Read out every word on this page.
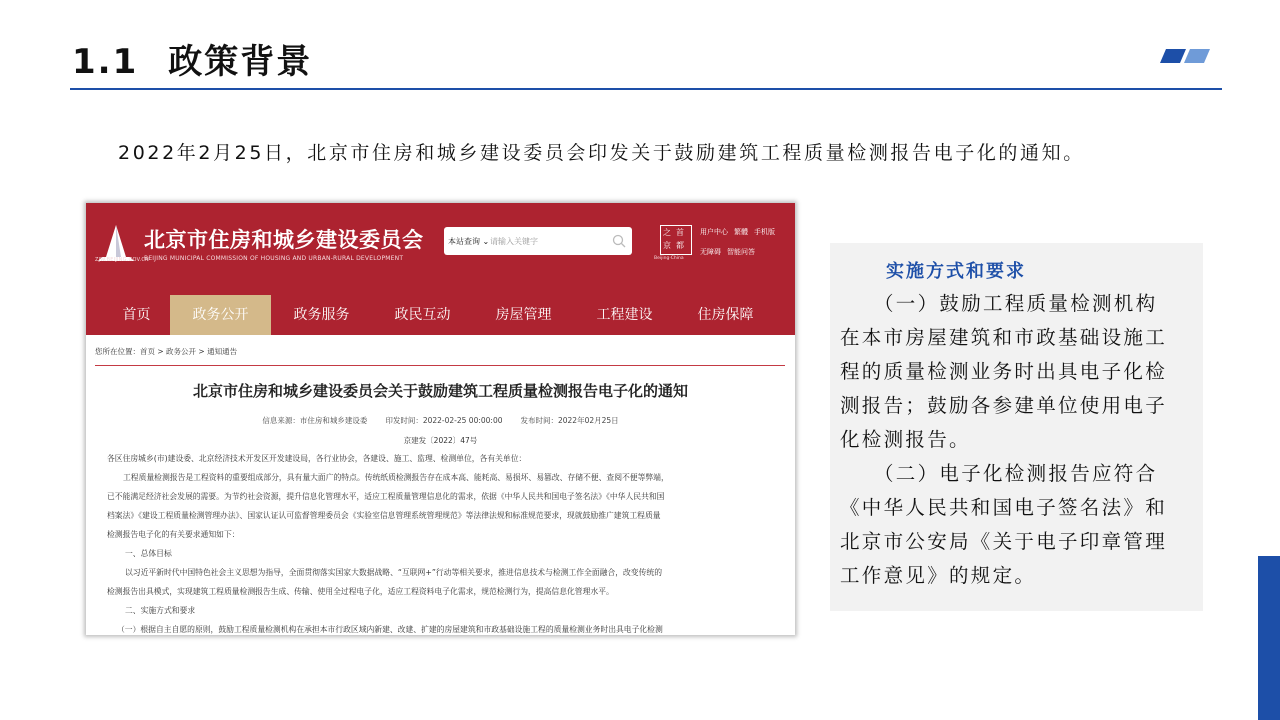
1.1 政策背景
2022年2月25日，北京市住房和城乡建设委员会印发关于鼓励建筑工程质量检测报告电子化的通知。
ZJW.BEIJING.GOV.CN
北京市住房和城乡建设委员会
BEIJING MUNICIPAL COMMISSION OF HOUSING AND URBAN-RURAL DEVELOPMENT
本站查询 ⌄ 请输入关键字
之 首
京 都
Beijing·China
用户中心 繁體 手机版
无障碍 智能问答
首页	政务公开	政务服务	政民互动	房屋管理	工程建设	住房保障
您所在位置：首页 > 政务公开 > 通知通告
北京市住房和城乡建设委员会关于鼓励建筑工程质量检测报告电子化的通知
信息来源：市住房和城乡建设委 印发时间：2022-02-25 00:00:00 发布时间：2022年02月25日
京建发〔2022〕47号
各区住房城乡(市)建设委、北京经济技术开发区开发建设局，各行业协会，各建设、施工、监理、检测单位，各有关单位：
工程质量检测报告是工程资料的重要组成部分，具有量大面广的特点。传统纸质检测报告存在成本高、能耗高、易损坏、易篡改、存储不便、查阅不便等弊端，
已不能满足经济社会发展的需要。为节约社会资源，提升信息化管理水平，适应工程质量管理信息化的需求，依据《中华人民共和国电子签名法》《中华人民共和国
档案法》《建设工程质量检测管理办法》、国家认证认可监督管理委员会《实验室信息管理系统管理规范》等法律法规和标准规范要求，现就鼓励推广建筑工程质量
检测报告电子化的有关要求通知如下：
一、总体目标
以习近平新时代中国特色社会主义思想为指导，全面贯彻落实国家大数据战略、“互联网+”行动等相关要求，推进信息技术与检测工作全面融合，改变传统的
检测报告出具模式，实现建筑工程质量检测报告生成、传输、使用全过程电子化，适应工程资料电子化需求，规范检测行为，提高信息化管理水平。
二、实施方式和要求
（一）根据自主自愿的原则，鼓励工程质量检测机构在承担本市行政区域内新建、改建、扩建的房屋建筑和市政基础设施工程的质量检测业务时出具电子化检测
实施方式和要求
（一）鼓励工程质量检测机构
在本市房屋建筑和市政基础设施工
程的质量检测业务时出具电子化检
测报告；鼓励各参建单位使用电子
化检测报告。
（二）电子化检测报告应符合
《中华人民共和国电子签名法》和
北京市公安局《关于电子印章管理
工作意见》的规定。
